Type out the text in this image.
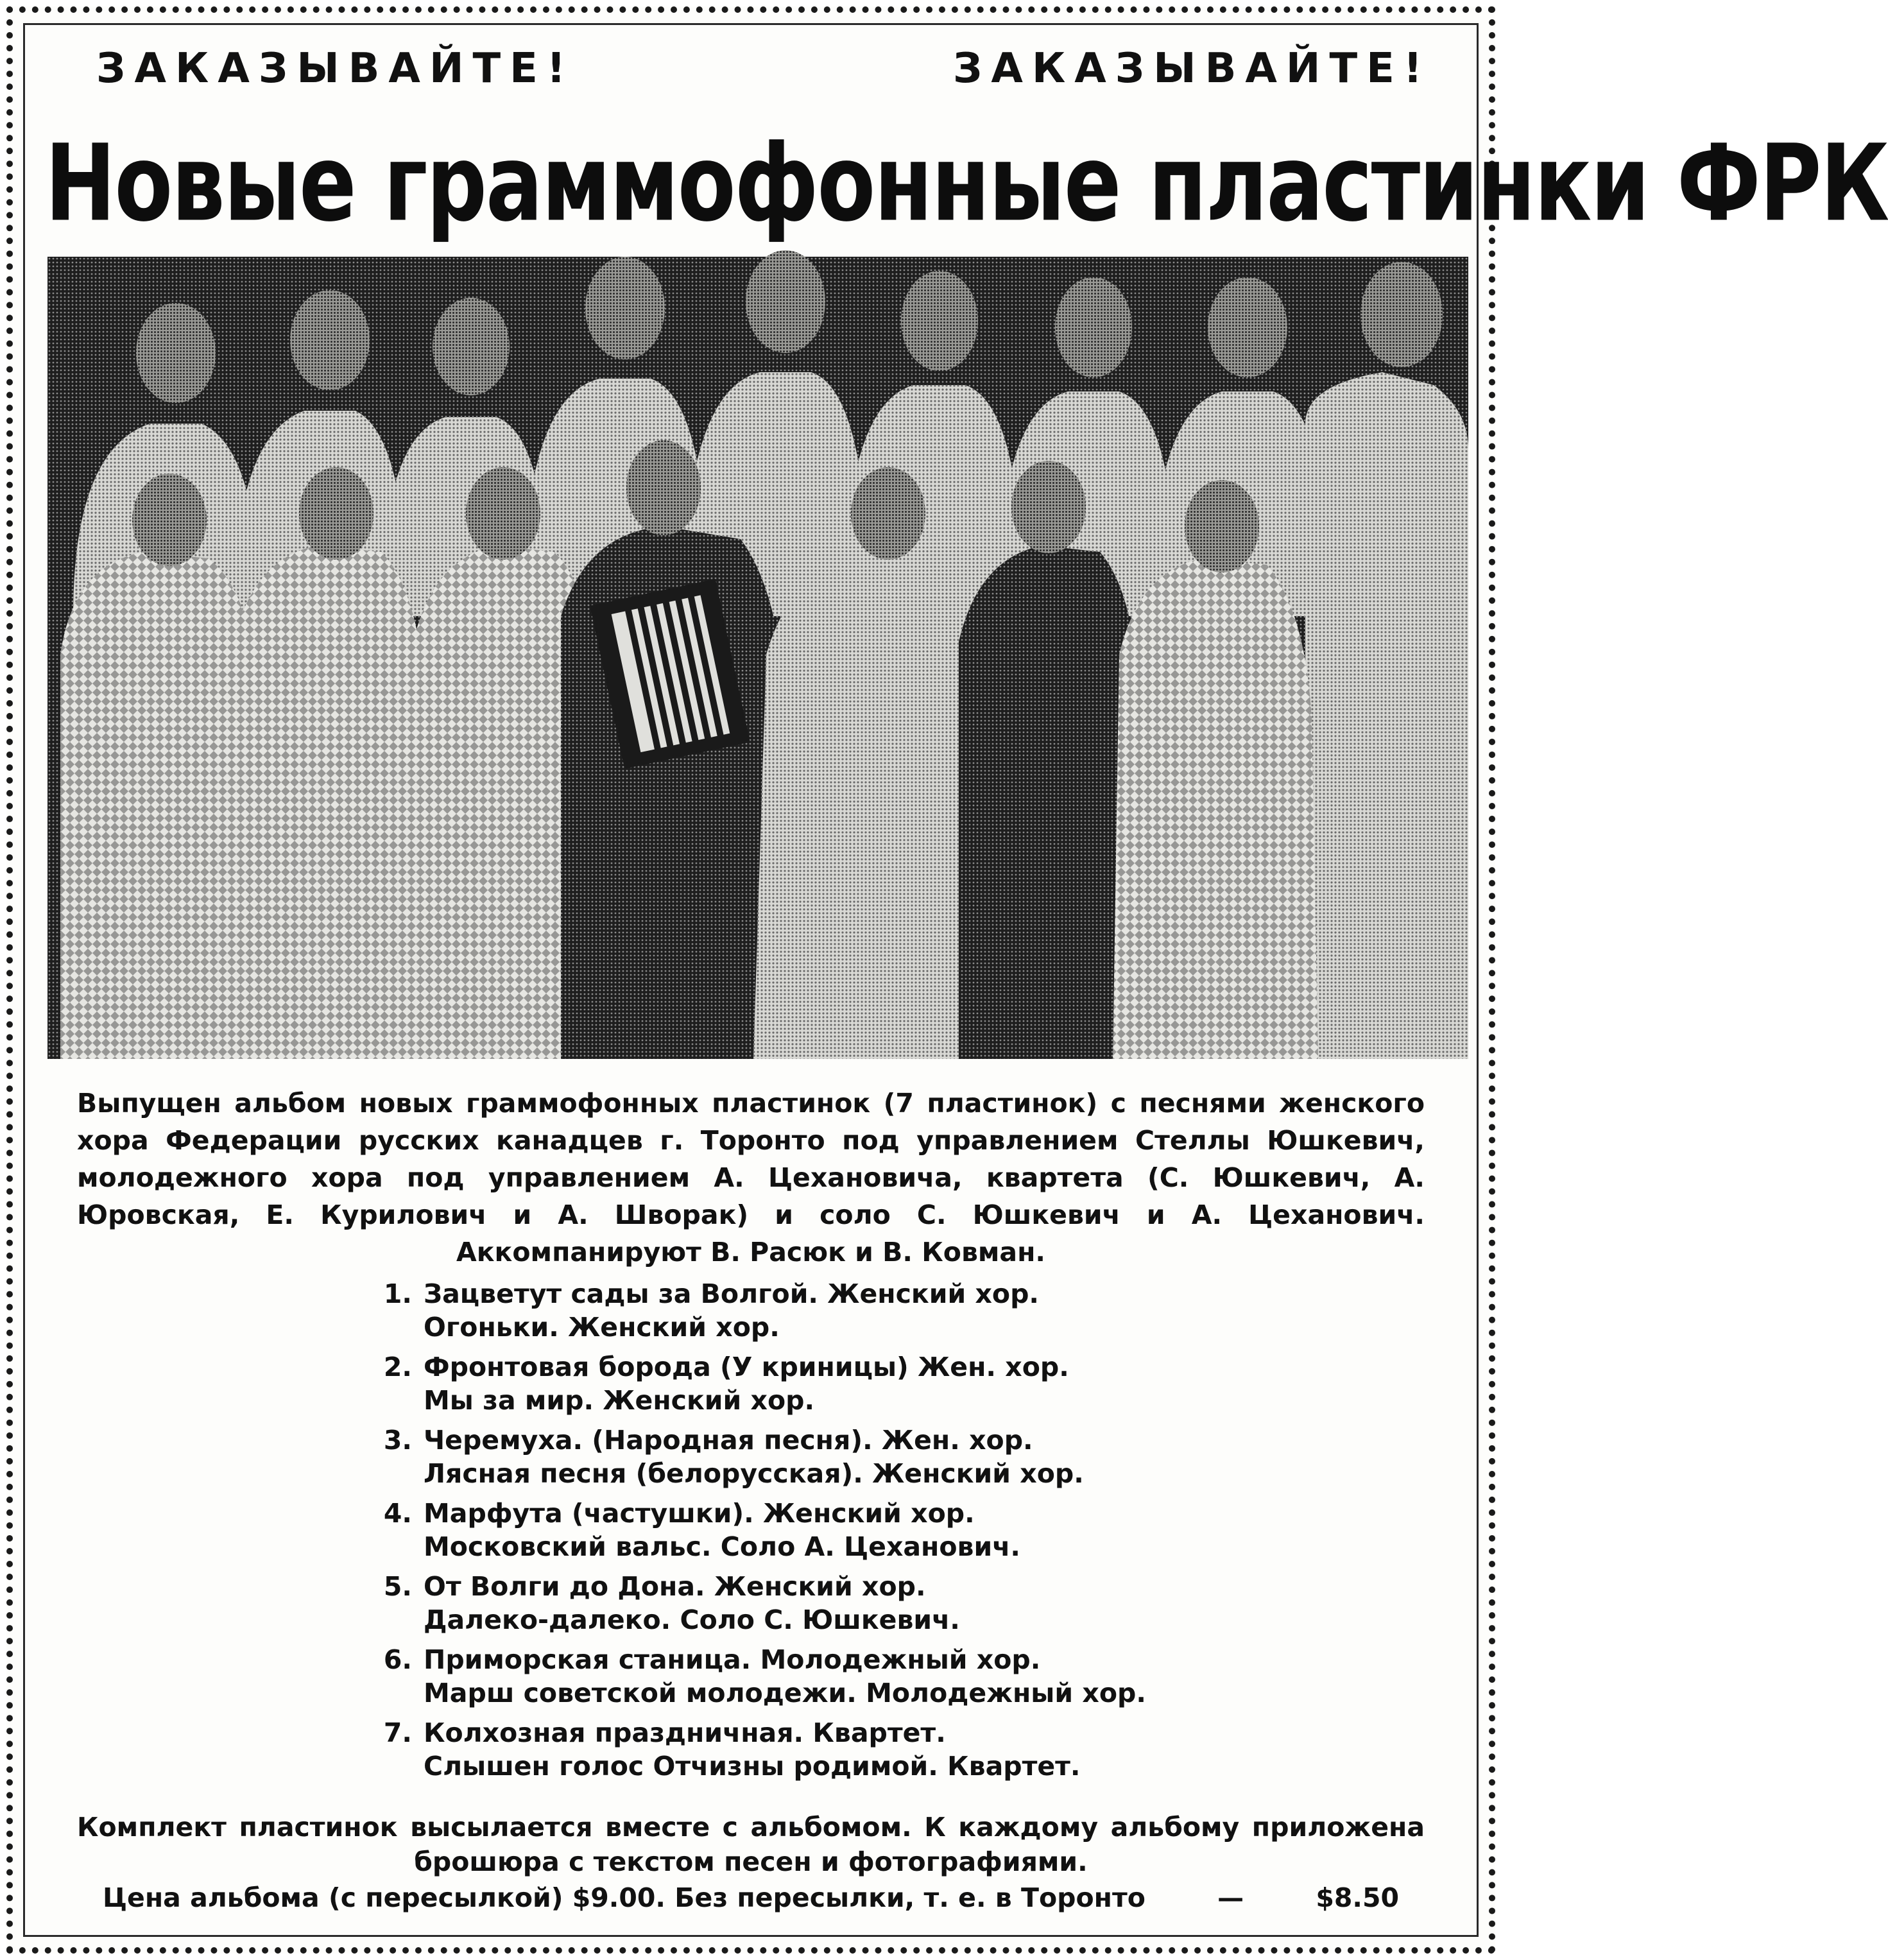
ЗАКАЗЫВАЙТЕ!	ЗАКАЗЫВАЙТЕ!
Новые граммофонные пластинки ФРК
Выпущен альбом новых граммофонных пластинок (7 пластинок) с песнями женского хора Федерации русских канадцев г. Торонто под управлением Стеллы Юшкевич, молодежного хора под управлением А. Цехановича, квартета (С. Юшкевич, А. Юровская, Е. Курилович и А. Шворак) и соло С. Юшкевич и А. Цеханович. Аккомпанируют В. Расюк и В. Ковман.
1. Зацветут сады за Волгой. Женский хор.
Огоньки. Женский хор.
2. Фронтовая борода (У криницы) Жен. хор.
Мы за мир. Женский хор.
3. Черемуха. (Народная песня). Жен. хор.
Лясная песня (белорусская). Женский хор.
4. Марфута (частушки). Женский хор.
Московский вальс. Соло А. Цеханович.
5. От Волги до Дона. Женский хор.
Далеко-далеко. Соло С. Юшкевич.
6. Приморская станица. Молодежный хор.
Марш советской молодежи. Молодежный хор.
7. Колхозная праздничная. Квартет.
Слышен голос Отчизны родимой. Квартет.
Комплект пластинок высылается вместе с альбомом. К каждому альбому приложена брошюра с текстом песен и фотографиями.
Цена альбома (с пересылкой) $9.00. Без пересылки, т. е. в Торонто	—	$8.50
